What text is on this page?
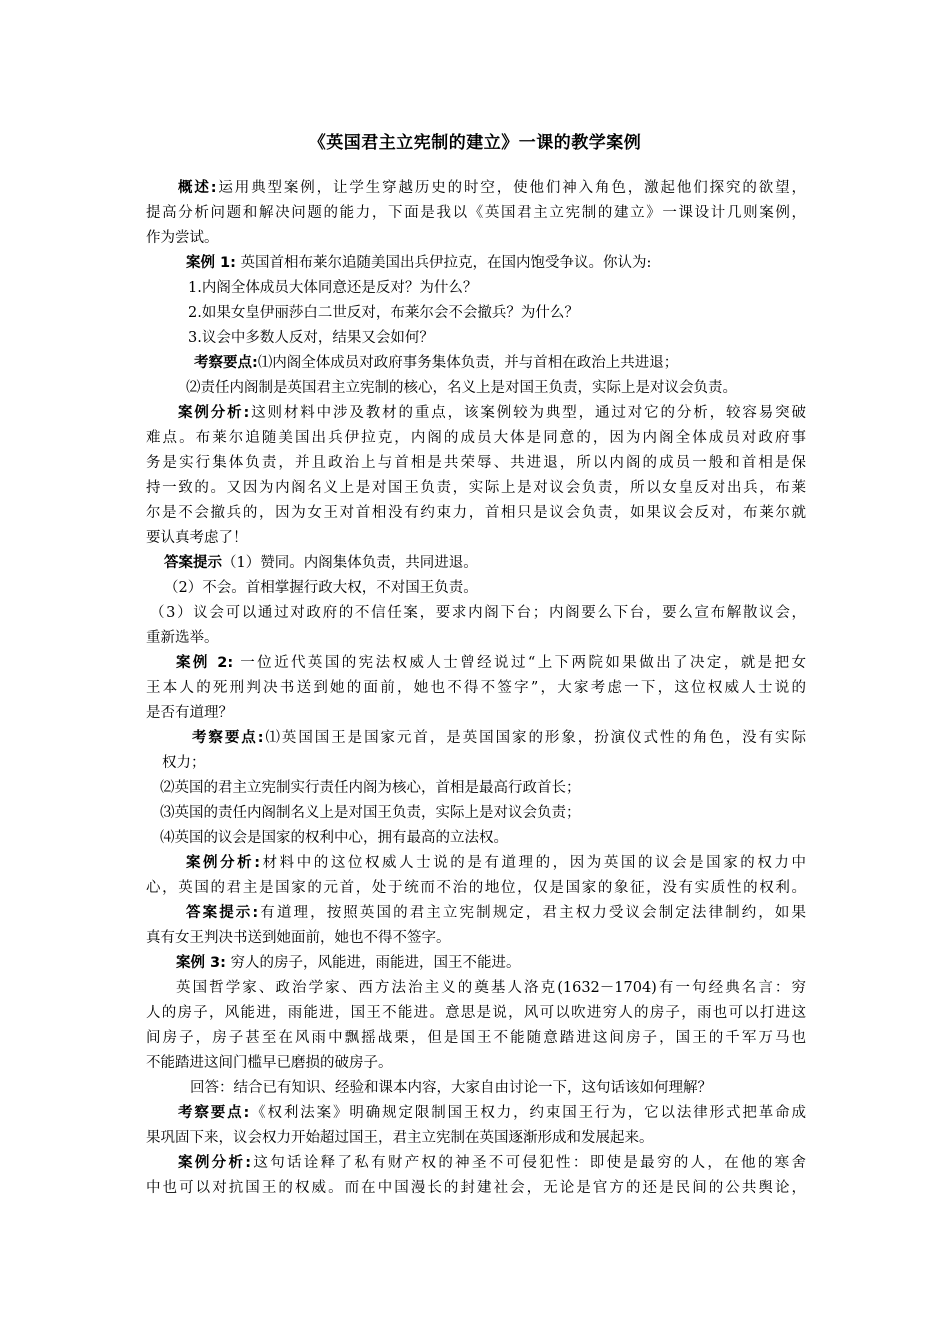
《英国君主立宪制的建立》一课的教学案例
概述:运用典型案例，让学生穿越历史的时空，使他们神入角色，激起他们探究的欲望，
提高分析问题和解决问题的能力，下面是我以《英国君主立宪制的建立》一课设计几则案例，
作为尝试。
案例 1: 英国首相布莱尔追随美国出兵伊拉克，在国内饱受争议。你认为:
1.内阁全体成员大体同意还是反对？为什么？
2.如果女皇伊丽莎白二世反对，布莱尔会不会撤兵？为什么？
3.议会中多数人反对，结果又会如何？
考察要点:⑴内阁全体成员对政府事务集体负责，并与首相在政治上共进退；
⑵责任内阁制是英国君主立宪制的核心，名义上是对国王负责，实际上是对议会负责。
案例分析:这则材料中涉及教材的重点，该案例较为典型，通过对它的分析，较容易突破
难点。布莱尔追随美国出兵伊拉克，内阁的成员大体是同意的，因为内阁全体成员对政府事
务是实行集体负责，并且政治上与首相是共荣辱、共进退，所以内阁的成员一般和首相是保
持一致的。又因为内阁名义上是对国王负责，实际上是对议会负责，所以女皇反对出兵，布莱
尔是不会撤兵的，因为女王对首相没有约束力，首相只是议会负责，如果议会反对，布莱尔就
要认真考虑了！
答案提示（1）赞同。内阁集体负责，共同进退。
（2）不会。首相掌握行政大权，不对国王负责。
（3）议会可以通过对政府的不信任案，要求内阁下台；内阁要么下台，要么宣布解散议会，
重新选举。
案例 2: 一位近代英国的宪法权威人士曾经说过“上下两院如果做出了决定，就是把女
王本人的死刑判决书送到她的面前，她也不得不签字”，大家考虑一下，这位权威人士说的
是否有道理？
考察要点:⑴英国国王是国家元首，是英国国家的形象，扮演仪式性的角色，没有实际
权力；
⑵英国的君主立宪制实行责任内阁为核心，首相是最高行政首长；
⑶英国的责任内阁制名义上是对国王负责，实际上是对议会负责；
⑷英国的议会是国家的权利中心，拥有最高的立法权。
案例分析:材料中的这位权威人士说的是有道理的，因为英国的议会是国家的权力中
心，英国的君主是国家的元首，处于统而不治的地位，仅是国家的象征，没有实质性的权利。
答案提示:有道理，按照英国的君主立宪制规定，君主权力受议会制定法律制约，如果
真有女王判决书送到她面前，她也不得不签字。
案例 3: 穷人的房子，风能进，雨能进，国王不能进。
英国哲学家、政治学家、西方法治主义的奠基人洛克(1632－1704)有一句经典名言：穷
人的房子，风能进，雨能进，国王不能进。意思是说，风可以吹进穷人的房子，雨也可以打进这
间房子，房子甚至在风雨中飘摇战栗，但是国王不能随意踏进这间房子，国王的千军万马也
不能踏进这间门槛早已磨损的破房子。
回答：结合已有知识、经验和课本内容，大家自由讨论一下，这句话该如何理解？
考察要点:《权利法案》明确规定限制国王权力，约束国王行为，它以法律形式把革命成
果巩固下来，议会权力开始超过国王，君主立宪制在英国逐渐形成和发展起来。
案例分析:这句话诠释了私有财产权的神圣不可侵犯性：即使是最穷的人，在他的寒舍
中也可以对抗国王的权威。而在中国漫长的封建社会，无论是官方的还是民间的公共舆论，
